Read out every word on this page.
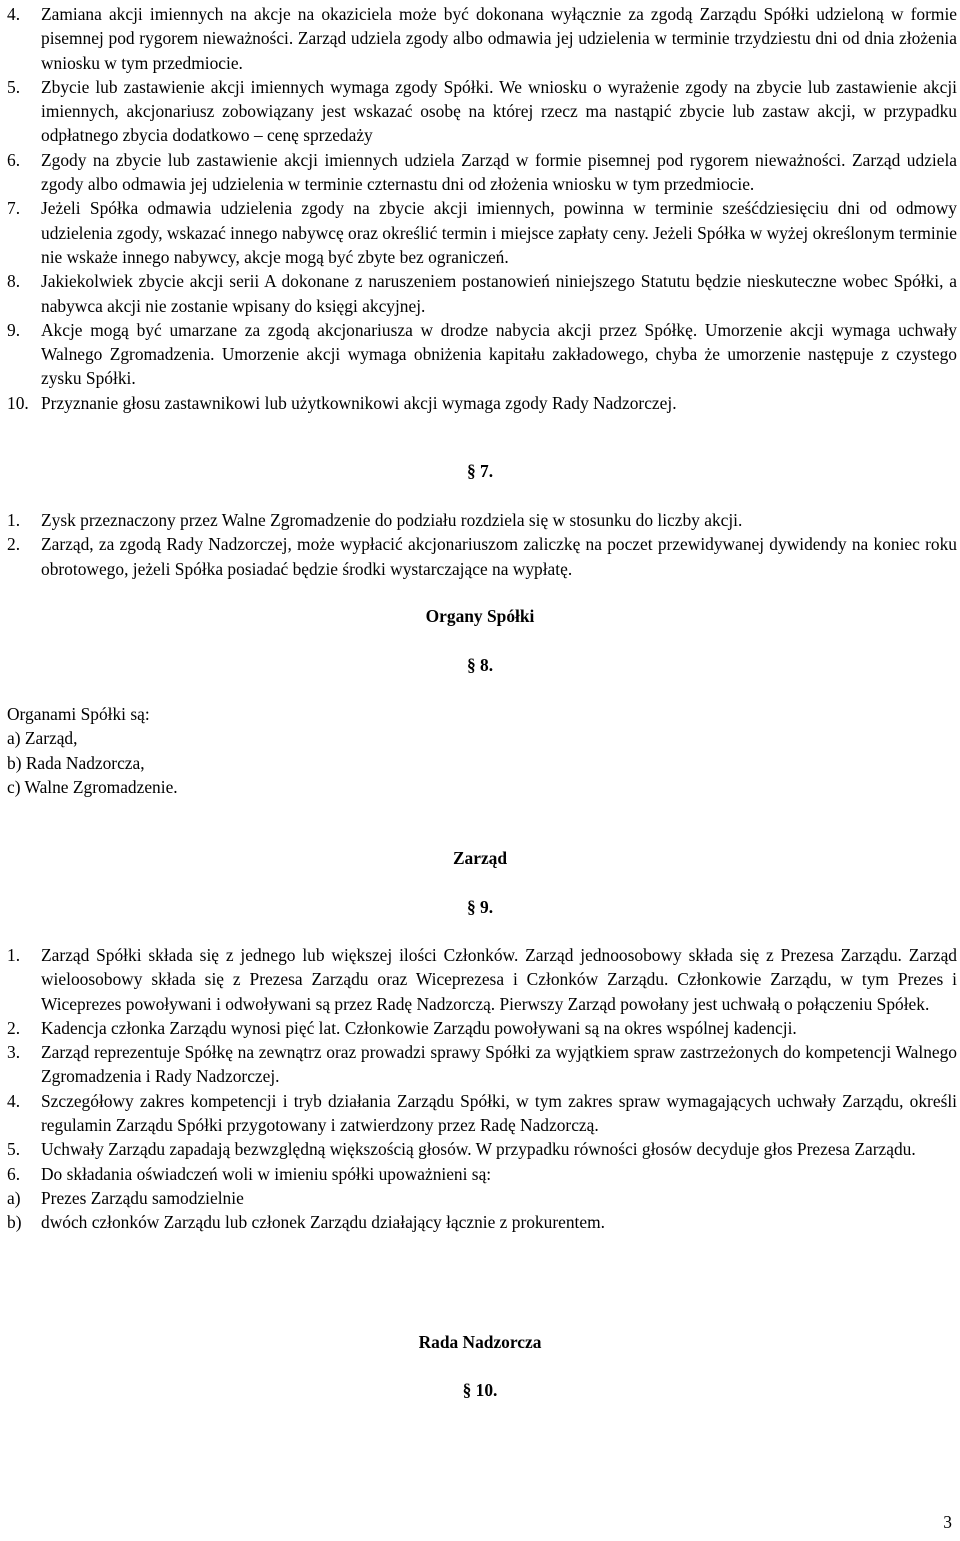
4. Zamiana akcji imiennych na akcje na okaziciela może być dokonana wyłącznie za zgodą Zarządu Spółki udzieloną w formie pisemnej pod rygorem nieważności. Zarząd udziela zgody albo odmawia jej udzielenia w terminie trzydziestu dni od dnia złożenia wniosku w tym przedmiocie.
5. Zbycie lub zastawienie akcji imiennych wymaga zgody Spółki. We wniosku o wyrażenie zgody na zbycie lub zastawienie akcji imiennych, akcjonariusz zobowiązany jest wskazać osobę na której rzecz ma nastąpić zbycie lub zastaw akcji, w przypadku odpłatnego zbycia dodatkowo – cenę sprzedaży
6. Zgody na zbycie lub zastawienie akcji imiennych udziela Zarząd w formie pisemnej pod rygorem nieważności. Zarząd udziela zgody albo odmawia jej udzielenia w terminie czternastu dni od złożenia wniosku w tym przedmiocie.
7. Jeżeli Spółka odmawia udzielenia zgody na zbycie akcji imiennych, powinna w terminie sześćdziesięciu dni od odmowy udzielenia zgody, wskazać innego nabywcę oraz określić termin i miejsce zapłaty ceny. Jeżeli Spółka w wyżej określonym terminie nie wskaże innego nabywcy, akcje mogą być zbyte bez ograniczeń.
8. Jakiekolwiek zbycie akcji serii A dokonane z naruszeniem postanowień niniejszego Statutu będzie nieskuteczne wobec Spółki, a nabywca akcji nie zostanie wpisany do księgi akcyjnej.
9. Akcje mogą być umarzane za zgodą akcjonariusza w drodze nabycia akcji przez Spółkę. Umorzenie akcji wymaga uchwały Walnego Zgromadzenia. Umorzenie akcji wymaga obniżenia kapitału zakładowego, chyba że umorzenie następuje z czystego zysku Spółki.
10. Przyznanie głosu zastawnikowi lub użytkownikowi akcji wymaga zgody Rady Nadzorczej.
§ 7.
1. Zysk przeznaczony przez Walne Zgromadzenie do podziału rozdziela się w stosunku do liczby akcji.
2. Zarząd, za zgodą Rady Nadzorczej, może wypłacić akcjonariuszom zaliczkę na poczet przewidywanej dywidendy na koniec roku obrotowego, jeżeli Spółka posiadać będzie środki wystarczające na wypłatę.
Organy Spółki
§ 8.
Organami Spółki są:
a) Zarząd,
b) Rada Nadzorcza,
c) Walne Zgromadzenie.
Zarząd
§ 9.
1. Zarząd Spółki składa się z jednego lub większej ilości Członków. Zarząd jednoosobowy składa się z Prezesa Zarządu. Zarząd wieloosobowy składa się z Prezesa Zarządu oraz Wiceprezesa i Członków Zarządu. Członkowie Zarządu, w tym Prezes i Wiceprezes powoływani i odwoływani są przez Radę Nadzorczą. Pierwszy Zarząd powołany jest uchwałą o połączeniu Spółek.
2. Kadencja członka Zarządu wynosi pięć lat. Członkowie Zarządu powoływani są na okres wspólnej kadencji.
3. Zarząd reprezentuje Spółkę na zewnątrz oraz prowadzi sprawy Spółki za wyjątkiem spraw zastrzeżonych do kompetencji Walnego Zgromadzenia i Rady Nadzorczej.
4. Szczegółowy zakres kompetencji i tryb działania Zarządu Spółki, w tym zakres spraw wymagających uchwały Zarządu, określi regulamin Zarządu Spółki przygotowany i zatwierdzony przez Radę Nadzorczą.
5. Uchwały Zarządu zapadają bezwzględną większością głosów. W przypadku równości głosów decyduje głos Prezesa Zarządu.
6. Do składania oświadczeń woli w imieniu spółki upoważnieni są:
a) Prezes Zarządu samodzielnie
b) dwóch członków Zarządu lub członek Zarządu działający łącznie z prokurentem.
Rada Nadzorcza
§ 10.
3
